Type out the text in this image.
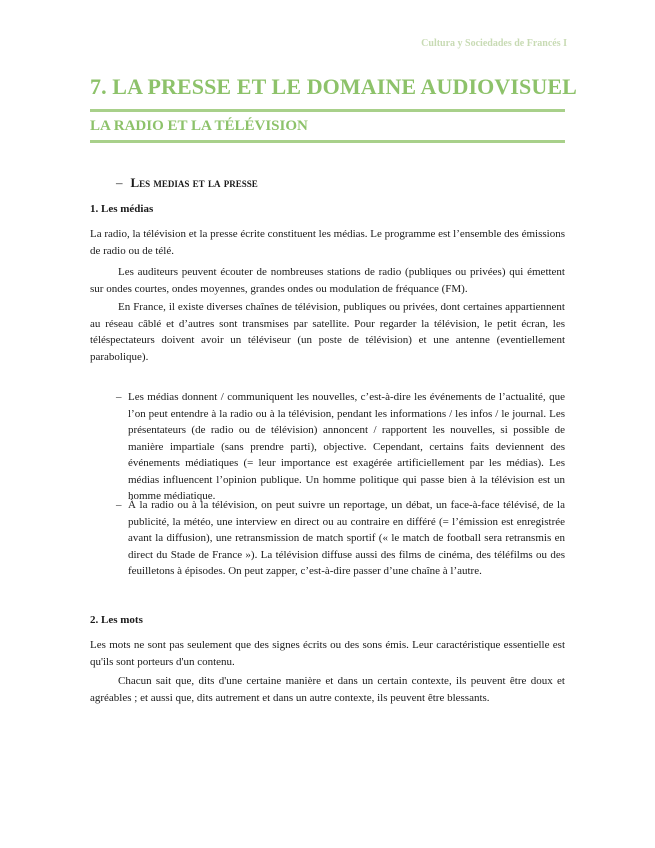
Cultura y Sociedades de Francés I
7. LA PRESSE ET LE DOMAINE AUDIOVISUEL
LA RADIO ET LA TÉLÉVISION
– Les medias et la presse
1. Les médias
La radio, la télévision et la presse écrite constituent les médias. Le programme est l’ensemble des émissions de radio ou de télé.
Les auditeurs peuvent écouter de nombreuses stations de radio (publiques ou privées) qui émettent sur ondes courtes, ondes moyennes, grandes ondes ou modulation de fréquance (FM).
En France, il existe diverses chaînes de télévision, publiques ou privées, dont certaines appartiennent au réseau câblé et d’autres sont transmises par satellite. Pour regarder la télévision, le petit écran, les téléspectateurs doivent avoir un téléviseur (un poste de télévision) et une antenne (eventiellement parabolique).
– Les médias donnent / communiquent les nouvelles, c’est-à-dire les événements de l’actualité, que l’on peut entendre à la radio ou à la télévision, pendant les informations / les infos / le journal. Les présentateurs (de radio ou de télévision) annoncent / rapportent les nouvelles, si possible de manière impartiale (sans prendre parti), objective. Cependant, certains faits deviennent des événements médiatiques (= leur importance est exagérée artificiellement par les médias). Les médias influencent l’opinion publique. Un homme politique qui passe bien à la télévision est un homme médiatique.
– À la radio ou à la télévision, on peut suivre un reportage, un débat, un face-à-face télévisé, de la publicité, la météo, une interview en direct ou au contraire en différé (= l’émission est enregistrée avant la diffusion), une retransmission de match sportif (« le match de football sera retransmis en direct du Stade de France »). La télévision diffuse aussi des films de cinéma, des téléfilms ou des feuilletons à épisodes. On peut zapper, c’est-à-dire passer d’une chaîne à l’autre.
2. Les mots
Les mots ne sont pas seulement que des signes écrits ou des sons émis. Leur caractéristique essentielle est qu'ils sont porteurs d'un contenu.
Chacun sait que, dits d'une certaine manière et dans un certain contexte, ils peuvent être doux et agréables ; et aussi que, dits autrement et dans un autre contexte, ils peuvent être blessants.
